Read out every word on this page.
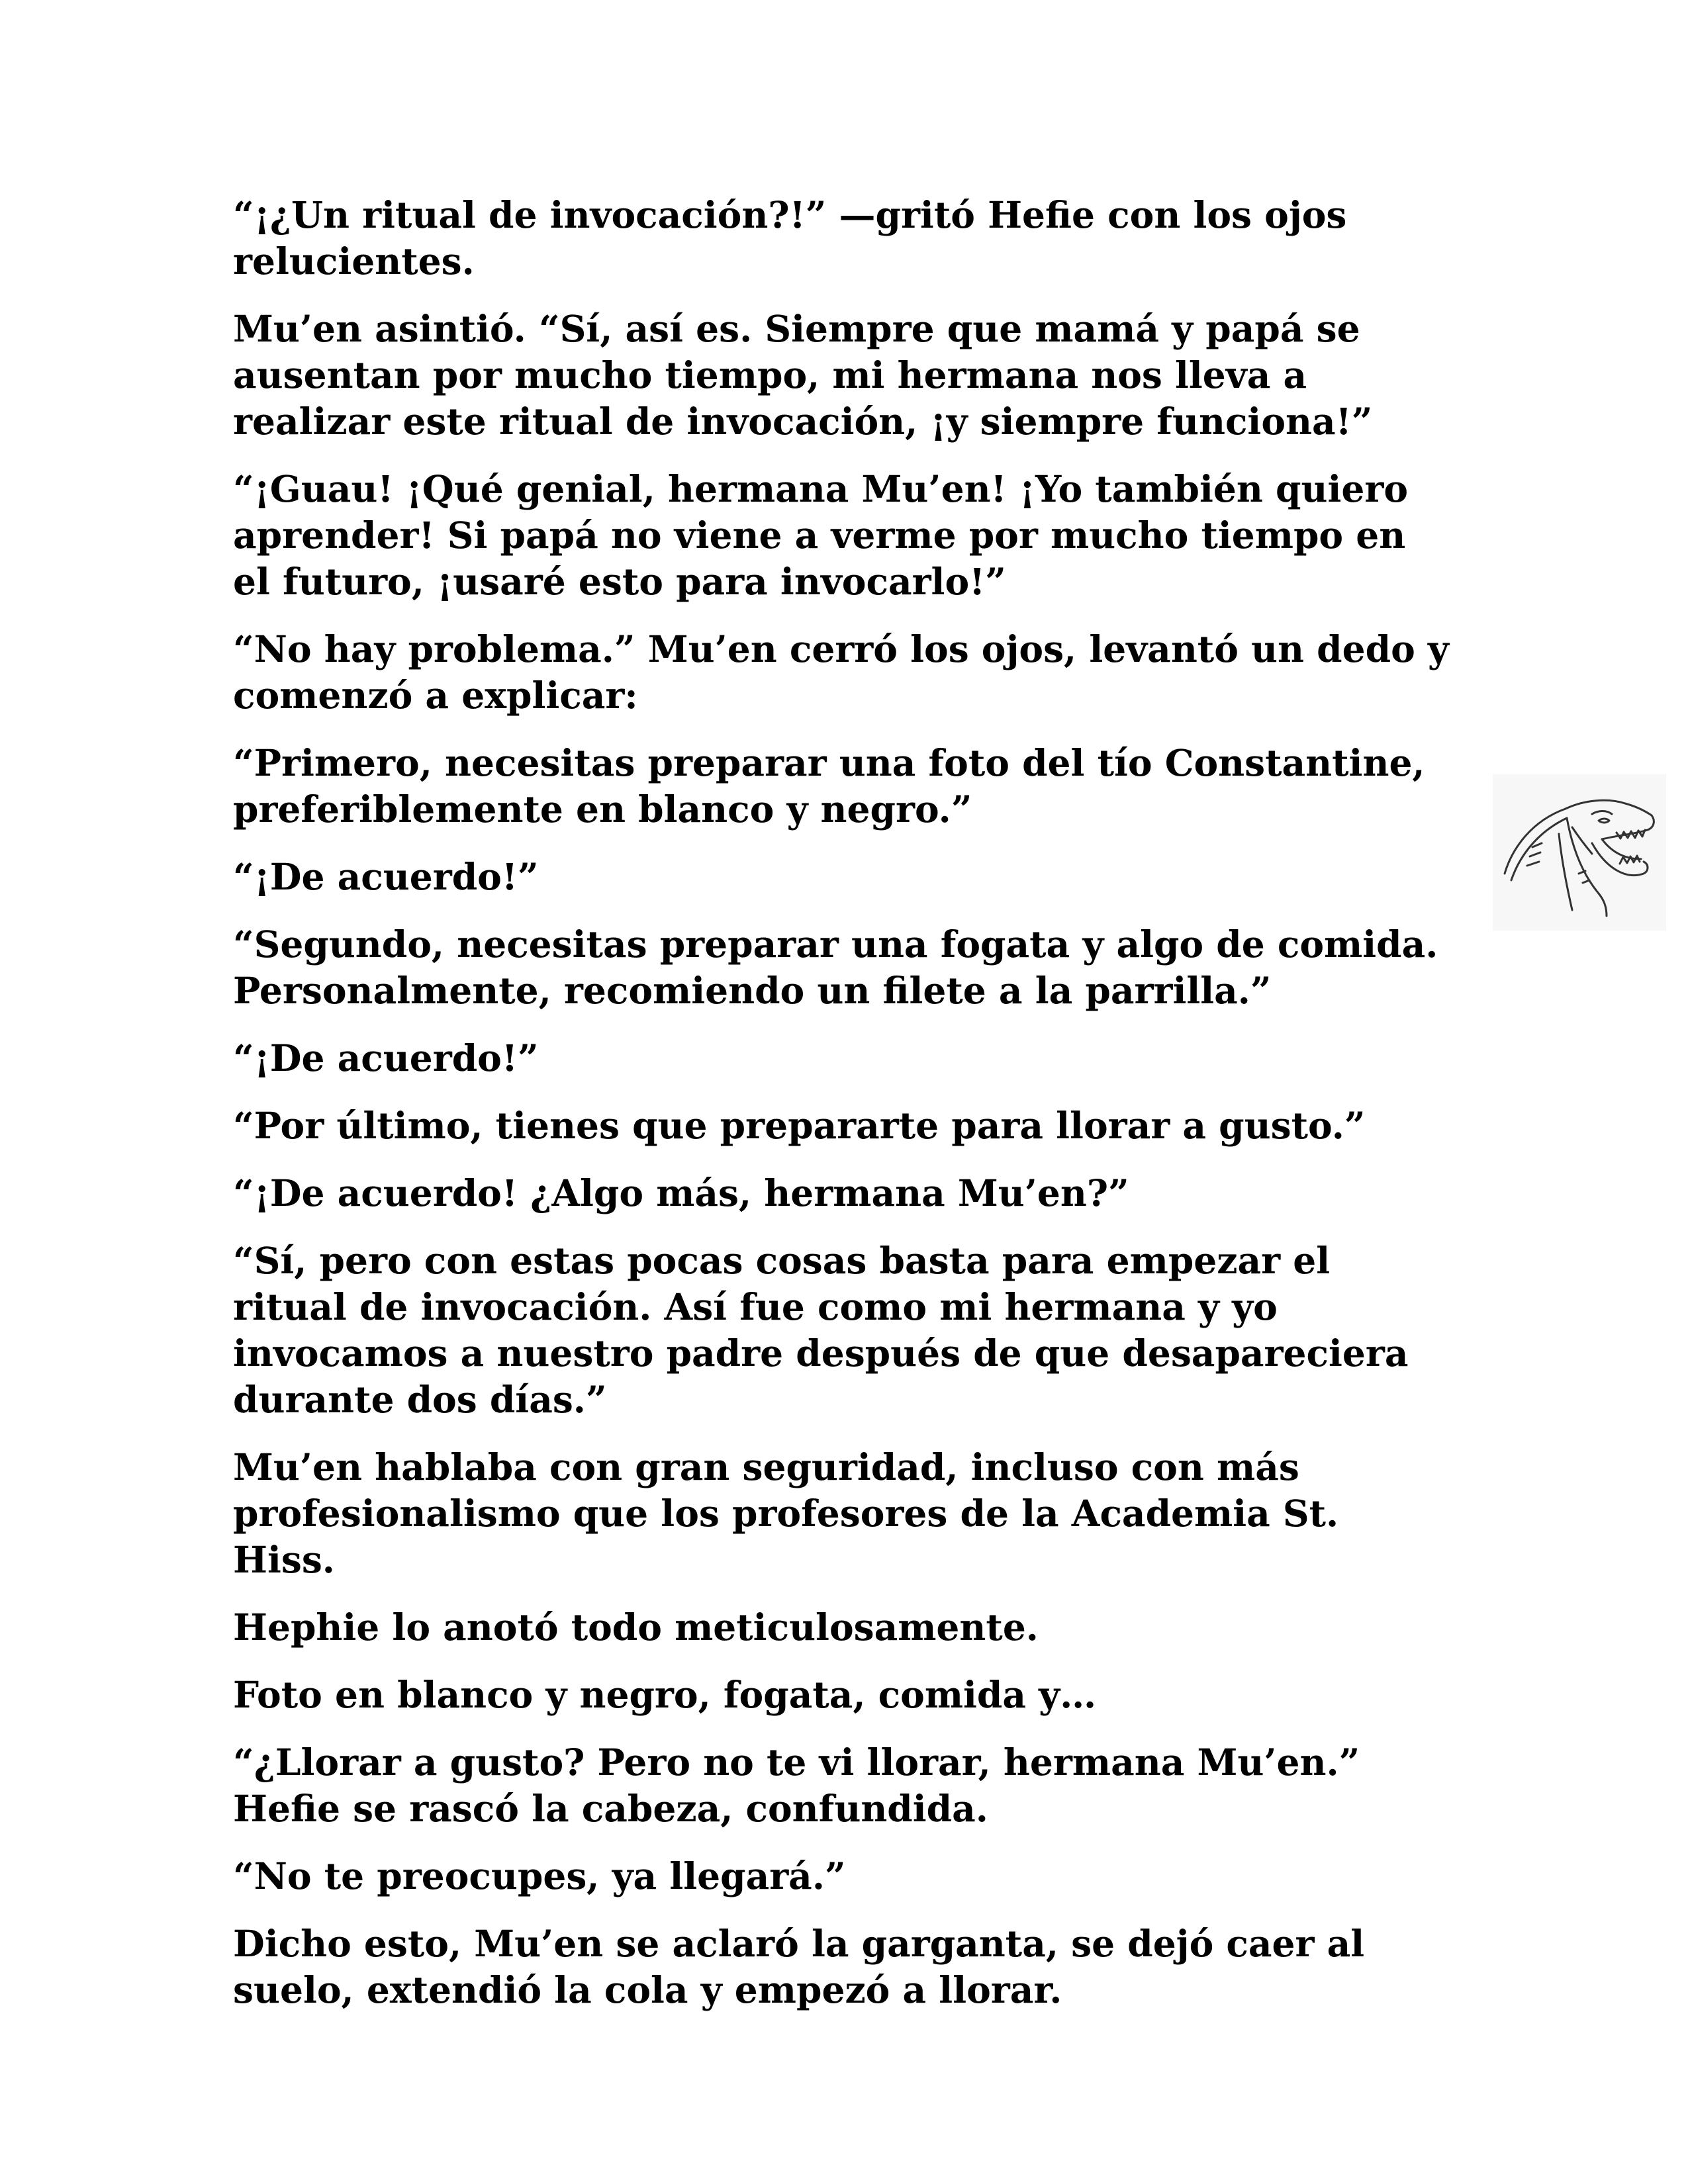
“¡¿Un ritual de invocación?!” —gritó Hefie con los ojos relucientes.

Mu’en asintió. “Sí, así es. Siempre que mamá y papá se ausentan por mucho tiempo, mi hermana nos lleva a realizar este ritual de invocación, ¡y siempre funciona!”

“¡Guau! ¡Qué genial, hermana Mu’en! ¡Yo también quiero aprender! Si papá no viene a verme por mucho tiempo en el futuro, ¡usaré esto para invocarlo!”

“No hay problema.” Mu’en cerró los ojos, levantó un dedo y comenzó a explicar:

“Primero, necesitas preparar una foto del tío Constantine, preferiblemente en blanco y negro.”

“¡De acuerdo!”

“Segundo, necesitas preparar una fogata y algo de comida. Personalmente, recomiendo un filete a la parrilla.”

“¡De acuerdo!”

“Por último, tienes que prepararte para llorar a gusto.”

“¡De acuerdo! ¿Algo más, hermana Mu’en?”

“Sí, pero con estas pocas cosas basta para empezar el ritual de invocación. Así fue como mi hermana y yo invocamos a nuestro padre después de que desapareciera durante dos días.”

Mu’en hablaba con gran seguridad, incluso con más profesionalismo que los profesores de la Academia St. Hiss.

Hephie lo anotó todo meticulosamente.

Foto en blanco y negro, fogata, comida y…

“¿Llorar a gusto? Pero no te vi llorar, hermana Mu’en.” Hefie se rascó la cabeza, confundida.

“No te preocupes, ya llegará.”

Dicho esto, Mu’en se aclaró la garganta, se dejó caer al suelo, extendió la cola y empezó a llorar.
